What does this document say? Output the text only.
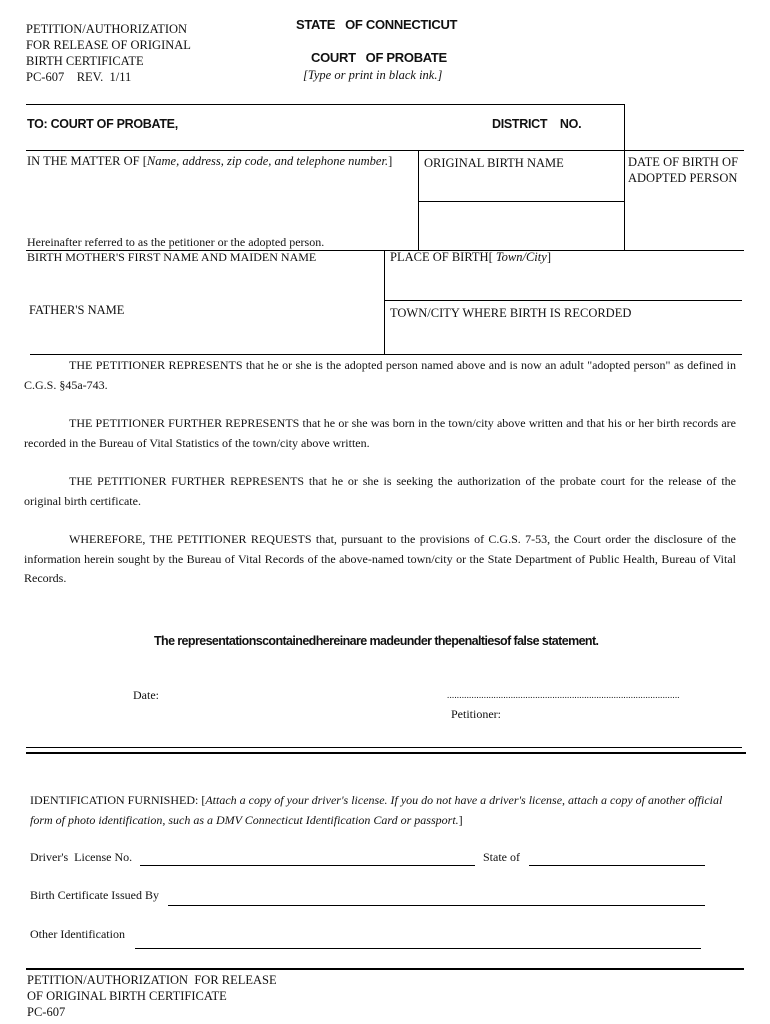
PETITION/AUTHORIZATION
FOR RELEASE OF ORIGINAL
BIRTH CERTIFICATE
PC-607    REV.  1/11
STATE   OF CONNECTICUT
COURT   OF PROBATE
[Type or print in black ink.]
TO: COURT OF PROBATE,	DISTRICT    NO.
IN THE MATTER OF [Name, address, zip code, and telephone number.]	ORIGINAL BIRTH NAME	DATE OF BIRTH OF ADOPTED PERSON
Hereinafter referred to as the petitioner or the adopted person.
BIRTH MOTHER'S FIRST NAME AND MAIDEN NAME	PLACE OF BIRTH[ Town/City]
FATHER'S NAME	TOWN/CITY WHERE BIRTH IS RECORDED
THE PETITIONER REPRESENTS that he or she is the adopted person named above and is now an adult "adopted person" as defined in C.G.S. §45a-743.
THE PETITIONER FURTHER REPRESENTS that he or she was born in the town/city above written and that his or her birth records are recorded in the Bureau of Vital Statistics of the town/city above written.
THE PETITIONER FURTHER REPRESENTS that he or she is seeking the authorization of the probate court for the release of the original birth certificate.
WHEREFORE, THE PETITIONER REQUESTS that, pursuant to the provisions of C.G.S. 7-53, the Court order the disclosure of the information herein sought by the Bureau of Vital Records of the above-named town/city or the State Department of Public Health, Bureau of Vital Records.
The representationscontainedhereinare madeunder thepenaltiesof false statement.
Date:	...............................................................................................
Petitioner:
IDENTIFICATION FURNISHED: [Attach a copy of your driver's license. If you do not have a driver's license, attach a copy of another official form of photo identification, such as a DMV Connecticut Identification Card or passport.]
Driver's  License No.	State of
Birth Certificate Issued By
Other Identification
PETITION/AUTHORIZATION  FOR RELEASE
OF ORIGINAL BIRTH CERTIFICATE
PC-607
